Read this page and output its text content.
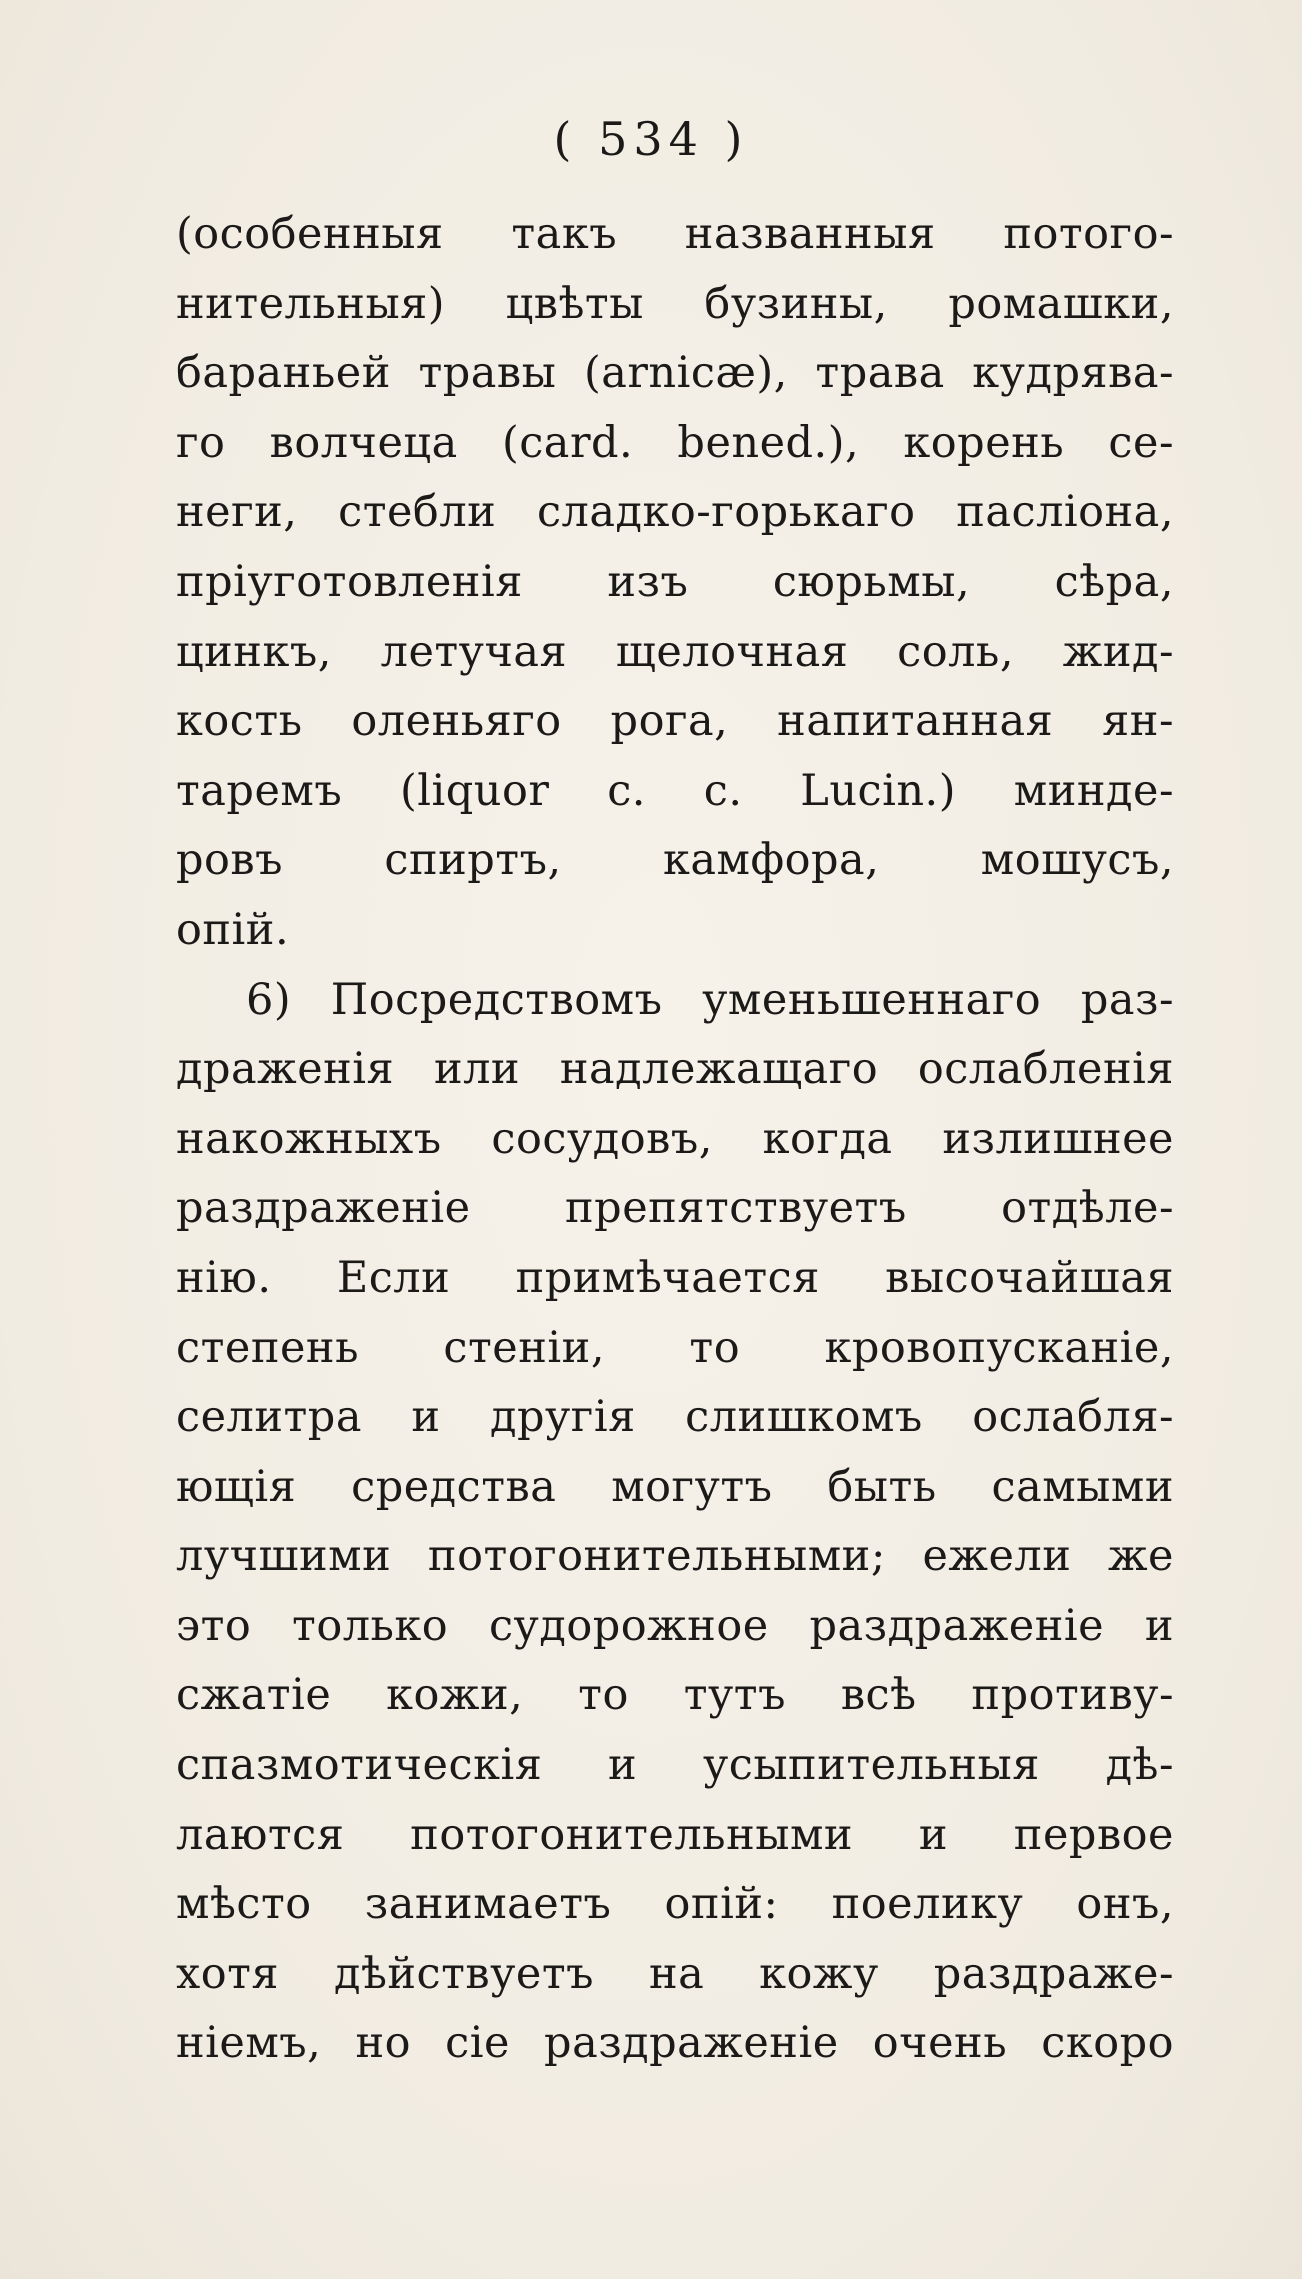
( 534 )
(особенныя такъ названныя потого-
нительныя) цвѣты бузины, ромашки,
бараньей травы (arnicæ), трава кудрява-
го волчеца (card. bened.), корень се-
неги, стебли сладко-горькаго пасліона,
пріуготовленія изъ сюрьмы, сѣра,
цинкъ, летучая щелочная соль, жид-
кость оленьяго рога, напитанная ян-
таремъ (liquor c. c. Lucin.) минде-
ровъ спиртъ, камфора, мошусъ,
опій.
6) Посредствомъ уменьшеннаго раз-
драженія или надлежащаго ослабленія
накожныхъ сосудовъ, когда излишнее
раздраженіе препятствуетъ отдѣле-
нію. Если примѣчается высочайшая
степень стеніи, то кровопусканіе,
селитра и другія слишкомъ ослабля-
ющія средства могутъ быть самыми
лучшими потогонительными; ежели же
это только судорожное раздраженіе и
сжатіе кожи, то тутъ всѣ противу-
спазмотическія и усыпительныя дѣ-
лаются потогонительными и первое
мѣсто занимаетъ опій: поелику онъ,
хотя дѣйствуетъ на кожу раздраже-
ніемъ, но сіе раздраженіе очень скоро
